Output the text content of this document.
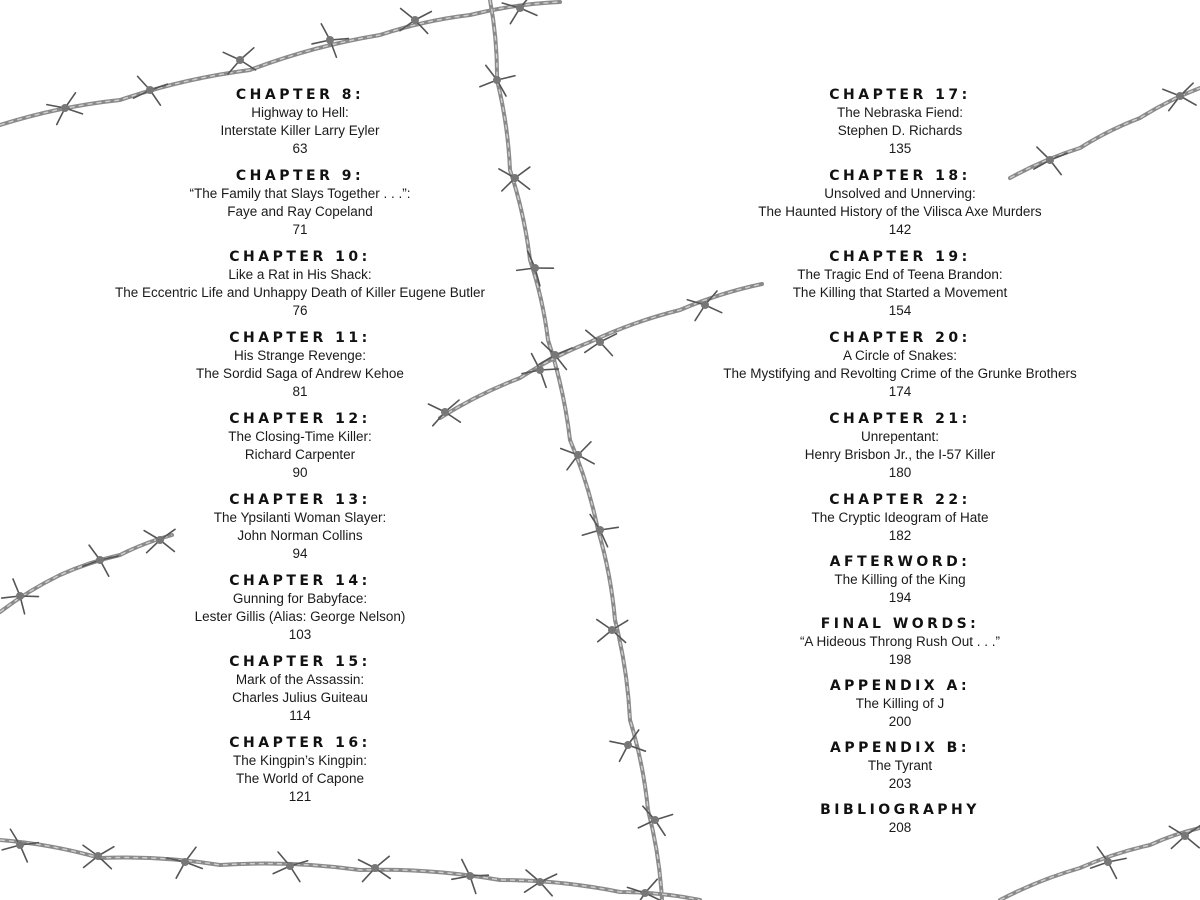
CHAPTER 8:
Highway to Hell:
Interstate Killer Larry Eyler
63
CHAPTER 9:
“The Family that Slays Together . . .”:
Faye and Ray Copeland
71
CHAPTER 10:
Like a Rat in His Shack:
The Eccentric Life and Unhappy Death of Killer Eugene Butler
76
CHAPTER 11:
His Strange Revenge:
The Sordid Saga of Andrew Kehoe
81
CHAPTER 12:
The Closing-Time Killer:
Richard Carpenter
90
CHAPTER 13:
The Ypsilanti Woman Slayer:
John Norman Collins
94
CHAPTER 14:
Gunning for Babyface:
Lester Gillis (Alias: George Nelson)
103
CHAPTER 15:
Mark of the Assassin:
Charles Julius Guiteau
114
CHAPTER 16:
The Kingpin’s Kingpin:
The World of Capone
121
CHAPTER 17:
The Nebraska Fiend:
Stephen D. Richards
135
CHAPTER 18:
Unsolved and Unnerving:
The Haunted History of the Vilisca Axe Murders
142
CHAPTER 19:
The Tragic End of Teena Brandon:
The Killing that Started a Movement
154
CHAPTER 20:
A Circle of Snakes:
The Mystifying and Revolting Crime of the Grunke Brothers
174
CHAPTER 21:
Unrepentant:
Henry Brisbon Jr., the I-57 Killer
180
CHAPTER 22:
The Cryptic Ideogram of Hate
182
AFTERWORD:
The Killing of the King
194
FINAL WORDS:
“A Hideous Throng Rush Out . . .”
198
APPENDIX A:
The Killing of J
200
APPENDIX B:
The Tyrant
203
BIBLIOGRAPHY
208
